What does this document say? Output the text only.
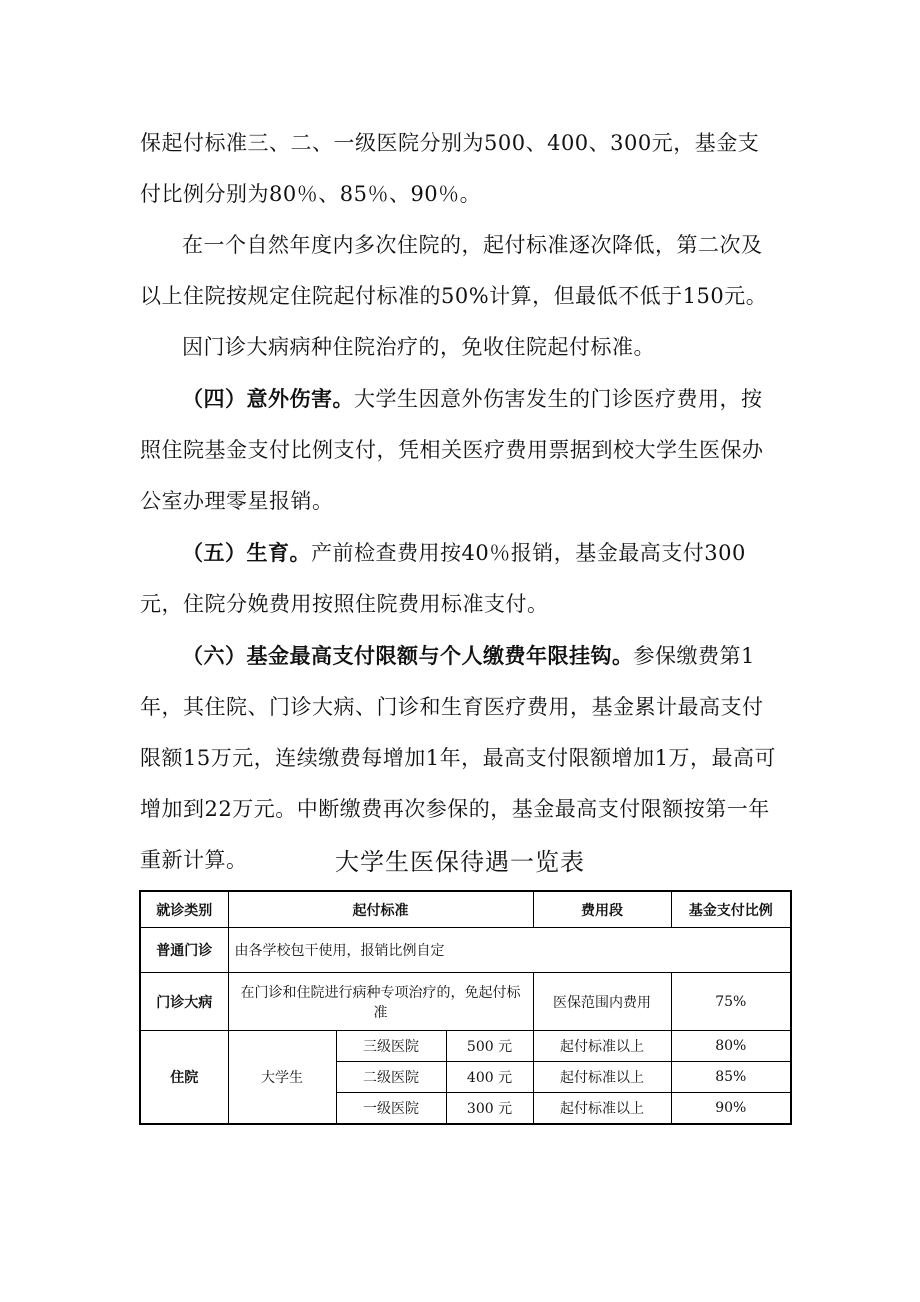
保起付标准三、二、一级医院分别为500、400、300元，基金支付比例分别为80％、85％、90％。

在一个自然年度内多次住院的，起付标准逐次降低，第二次及以上住院按规定住院起付标准的50%计算，但最低不低于150元。

因门诊大病病种住院治疗的，免收住院起付标准。

（四）意外伤害。大学生因意外伤害发生的门诊医疗费用，按照住院基金支付比例支付，凭相关医疗费用票据到校大学生医保办公室办理零星报销。

（五）生育。产前检查费用按40％报销，基金最高支付300元，住院分娩费用按照住院费用标准支付。

（六）基金最高支付限额与个人缴费年限挂钩。参保缴费第1年，其住院、门诊大病、门诊和生育医疗费用，基金累计最高支付限额15万元，连续缴费每增加1年，最高支付限额增加1万，最高可增加到22万元。中断缴费再次参保的，基金最高支付限额按第一年重新计算。	大学生医保待遇一览表
就诊类别	起付标准			费用段	基金支付比例
普通门诊	由各学校包干使用，报销比例自定				
门诊大病	在门诊和住院进行病种专项治疗的，免起付标准			医保范围内费用	75%
住院	大学生	三级医院	500 元	起付标准以上	80%
		二级医院	400 元	起付标准以上	85%
		一级医院	300 元	起付标准以上	90%
